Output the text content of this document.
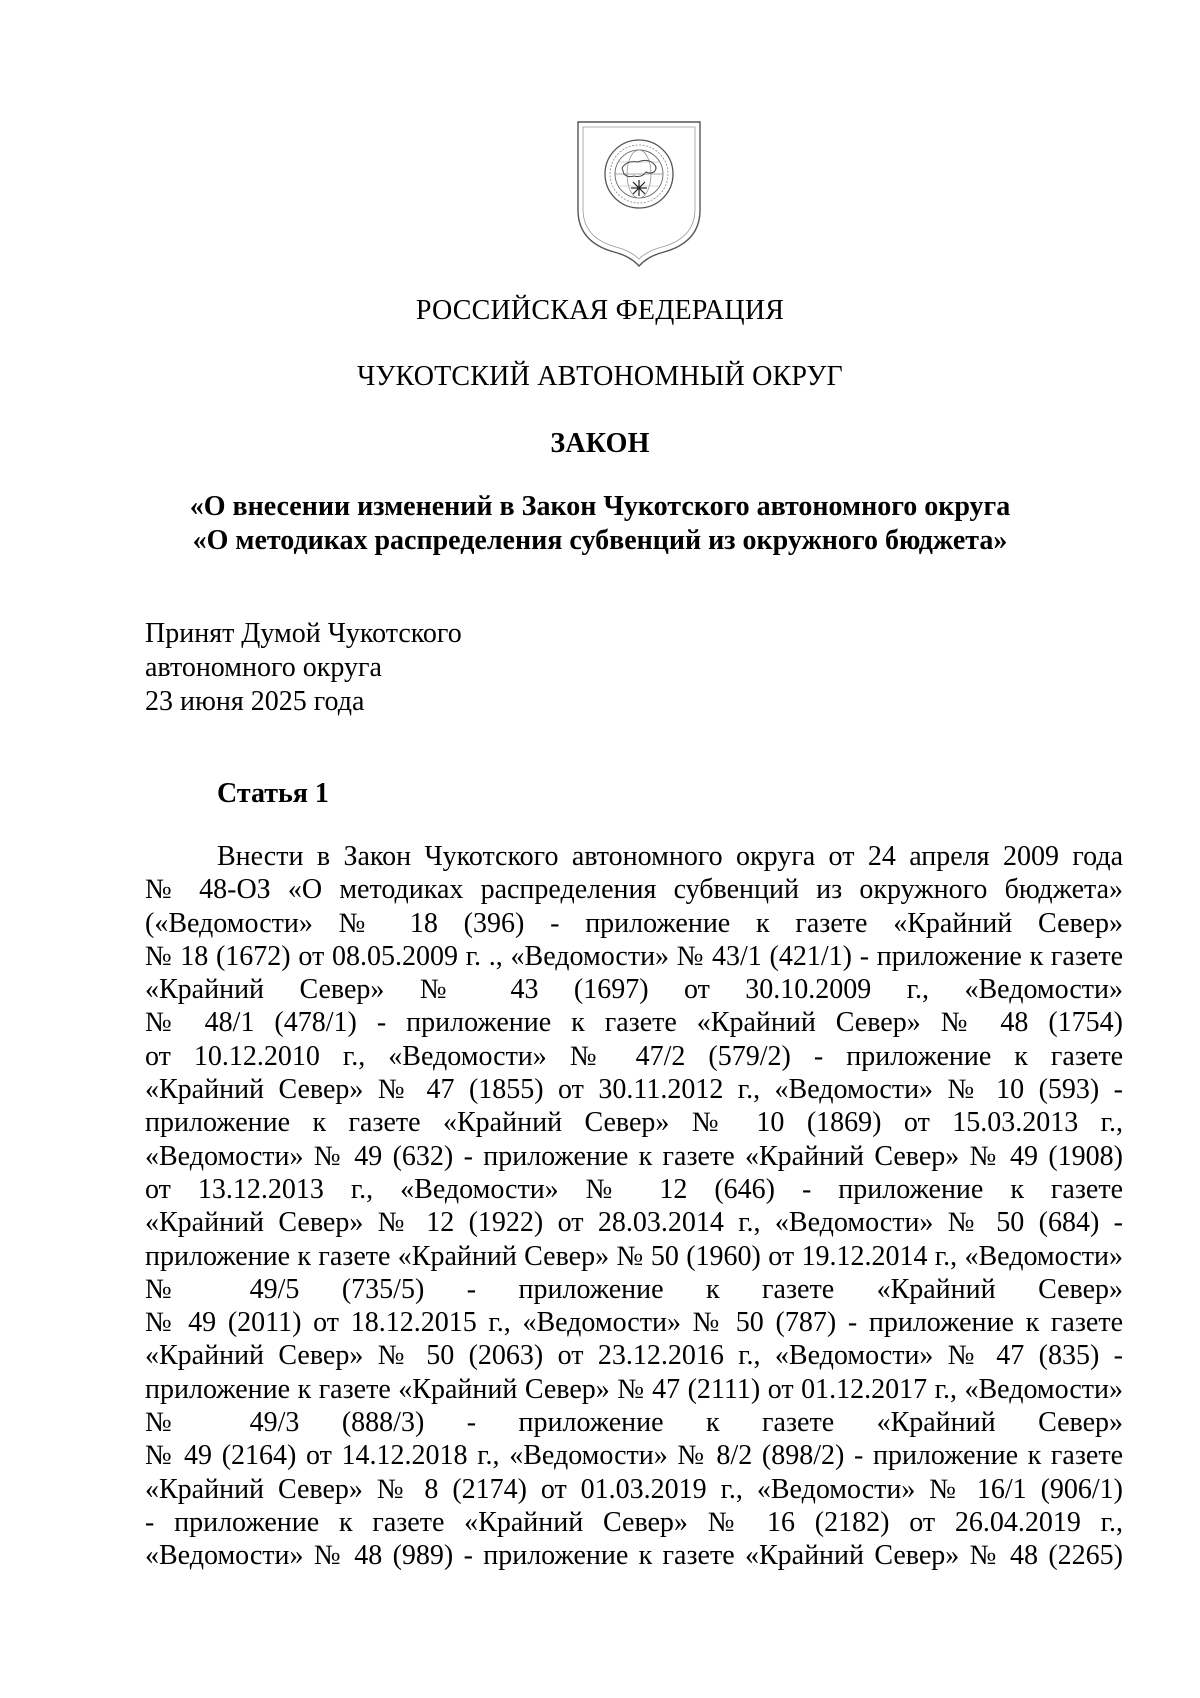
РОССИЙСКАЯ ФЕДЕРАЦИЯ
ЧУКОТСКИЙ АВТОНОМНЫЙ ОКРУГ
ЗАКОН
«О внесении изменений в Закон Чукотского автономного округа
«О методиках распределения субвенций из окружного бюджета»
Принят Думой Чукотского
автономного округа
23 июня 2025 года
Статья 1
Внести в Закон Чукотского автономного округа от 24 апреля 2009 года
№ 48-ОЗ «О методиках распределения субвенций из окружного бюджета»
(«Ведомости» № 18 (396) - приложение к газете «Крайний Север»
№ 18 (1672) от 08.05.2009 г. ., «Ведомости» № 43/1 (421/1) - приложение к газете
«Крайний Север» № 43 (1697) от 30.10.2009 г., «Ведомости»
№ 48/1 (478/1) - приложение к газете «Крайний Север» № 48 (1754)
от 10.12.2010 г., «Ведомости» № 47/2 (579/2) - приложение к газете
«Крайний Север» № 47 (1855) от 30.11.2012 г., «Ведомости» № 10 (593) -
приложение к газете «Крайний Север» № 10 (1869) от 15.03.2013 г.,
«Ведомости» № 49 (632) - приложение к газете «Крайний Север» № 49 (1908)
от 13.12.2013 г., «Ведомости» № 12 (646) - приложение к газете
«Крайний Север» № 12 (1922) от 28.03.2014 г., «Ведомости» № 50 (684) -
приложение к газете «Крайний Север» № 50 (1960) от 19.12.2014 г., «Ведомости»
№ 49/5 (735/5) - приложение к газете «Крайний Север»
№ 49 (2011) от 18.12.2015 г., «Ведомости» № 50 (787) - приложение к газете
«Крайний Север» № 50 (2063) от 23.12.2016 г., «Ведомости» № 47 (835) -
приложение к газете «Крайний Север» № 47 (2111) от 01.12.2017 г., «Ведомости»
№ 49/3 (888/3) - приложение к газете «Крайний Север»
№ 49 (2164) от 14.12.2018 г., «Ведомости» № 8/2 (898/2) - приложение к газете
«Крайний Север» № 8 (2174) от 01.03.2019 г., «Ведомости» № 16/1 (906/1)
- приложение к газете «Крайний Север» № 16 (2182) от 26.04.2019 г.,
«Ведомости» № 48 (989) - приложение к газете «Крайний Север» № 48 (2265)
